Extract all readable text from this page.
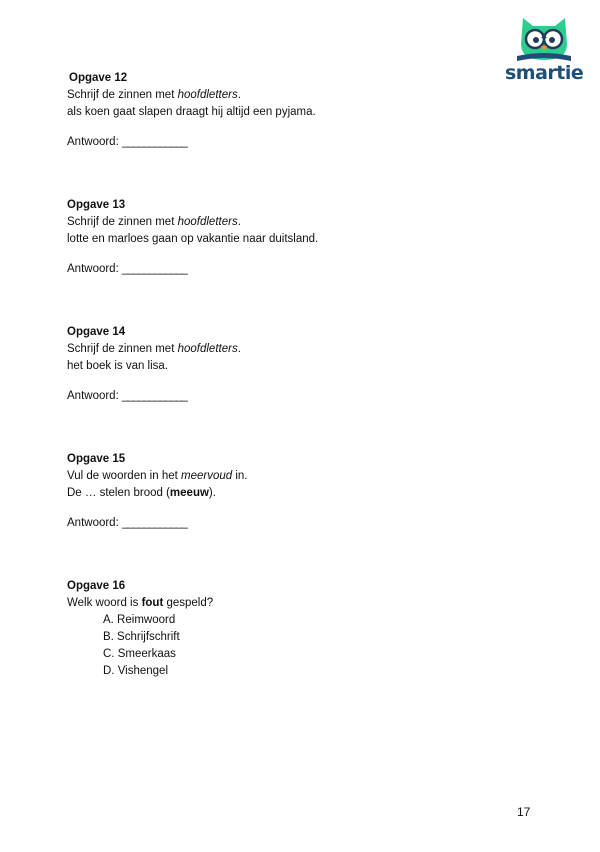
smartie
Opgave 12
Schrijf de zinnen met hoofdletters.
als koen gaat slapen draagt hij altijd een pyjama.
Antwoord: ____________
Opgave 13
Schrijf de zinnen met hoofdletters.
lotte en marloes gaan op vakantie naar duitsland.
Antwoord: ____________
Opgave 14
Schrijf de zinnen met hoofdletters.
het boek is van lisa.
Antwoord: ____________
Opgave 15
Vul de woorden in het meervoud in.
De … stelen brood (meeuw).
Antwoord: ____________
Opgave 16
Welk woord is fout gespeld?
A. Reimwoord
B. Schrijfschrift
C. Smeerkaas
D. Vishengel
17
